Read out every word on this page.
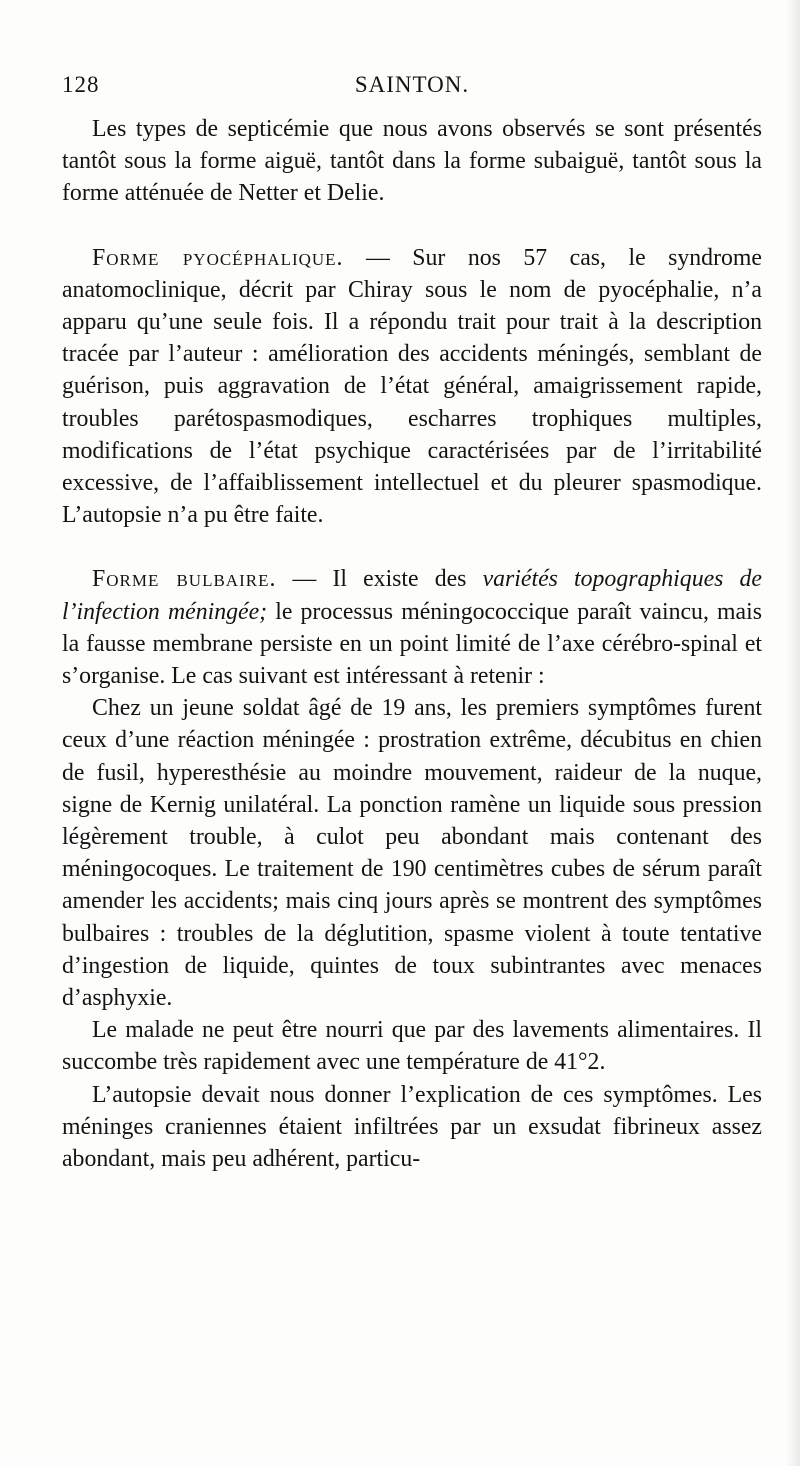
128	SAINTON.

Les types de septicémie que nous avons observés se sont présentés tantôt sous la forme aiguë, tantôt dans la forme subaiguë, tantôt sous la forme atténuée de Netter et Delie.

Forme pyocéphalique. — Sur nos 57 cas, le syndrome anatomoclinique, décrit par Chiray sous le nom de pyocéphalie, n’a apparu qu’une seule fois. Il a répondu trait pour trait à la description tracée par l’auteur : amélioration des accidents méningés, semblant de guérison, puis aggravation de l’état général, amaigrissement rapide, troubles parétospasmodiques, escharres trophiques multiples, modifications de l’état psychique caractérisées par de l’irritabilité excessive, de l’affaiblissement intellectuel et du pleurer spasmodique. L’autopsie n’a pu être faite.

Forme bulbaire. — Il existe des variétés topographiques de l’infection méningée; le processus méningococcique paraît vaincu, mais la fausse membrane persiste en un point limité de l’axe cérébro-spinal et s’organise. Le cas suivant est intéressant à retenir :

Chez un jeune soldat âgé de 19 ans, les premiers symptômes furent ceux d’une réaction méningée : prostration extrême, décubitus en chien de fusil, hyperesthésie au moindre mouvement, raideur de la nuque, signe de Kernig unilatéral. La ponction ramène un liquide sous pression légèrement trouble, à culot peu abondant mais contenant des méningocoques. Le traitement de 190 centimètres cubes de sérum paraît amender les accidents; mais cinq jours après se montrent des symptômes bulbaires : troubles de la déglutition, spasme violent à toute tentative d’ingestion de liquide, quintes de toux subintrantes avec menaces d’asphyxie.

Le malade ne peut être nourri que par des lavements alimentaires. Il succombe très rapidement avec une température de 41°2.

L’autopsie devait nous donner l’explication de ces symptômes. Les méninges craniennes étaient infiltrées par un exsudat fibrineux assez abondant, mais peu adhérent, particu-
